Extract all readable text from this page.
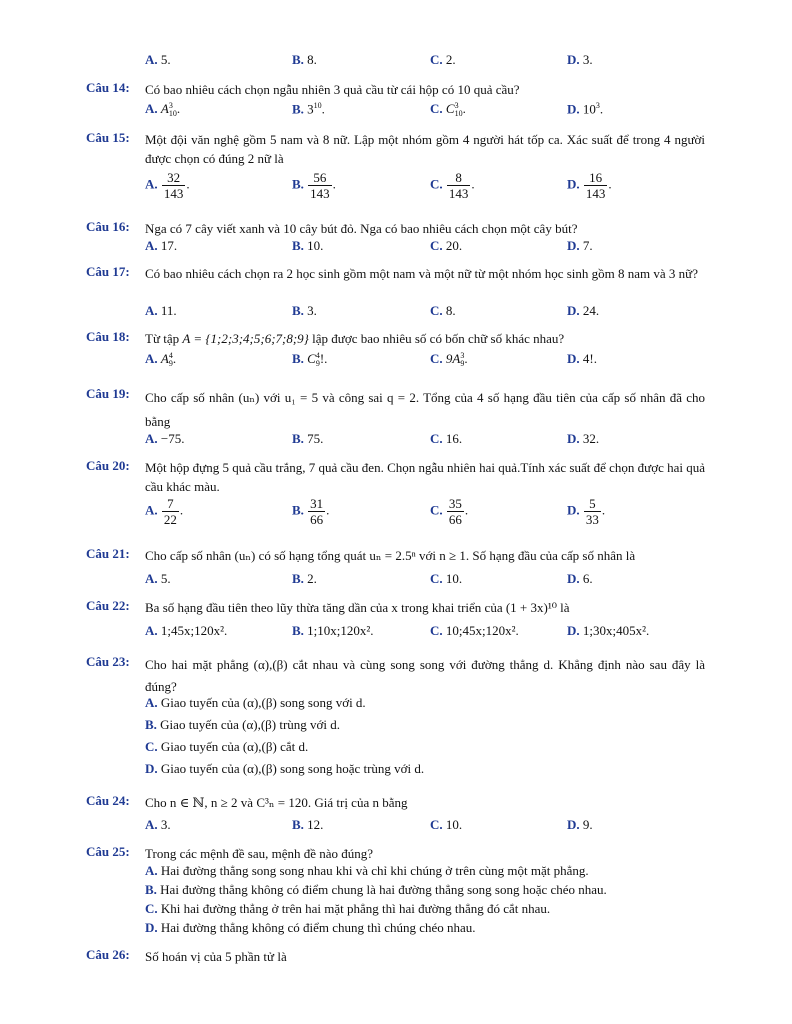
A. 5.	B. 8.	C. 2.	D. 3.
Câu 14: Có bao nhiêu cách chọn ngẫu nhiên 3 quả cầu từ cái hộp có 10 quả cầu?
A. A 3
10 .	B. $3^{10}$.	C. C 3
10 .	D. $10^3$.
Câu 15: Một đội văn nghệ gồm 5 nam và 8 nữ. Lập một nhóm gồm 4 người hát tốp ca. Xác suất để trong 4 người được chọn có đúng 2 nữ là
A. $\frac{32}{143}$ .	B. $\frac{56}{143}$ .	C. $\frac{8}{143}$ .	D. $\frac{16}{143}$ .
Câu 16: Nga có 7 cây viết xanh và 10 cây bút đỏ. Nga có bao nhiêu cách chọn một cây bút?
A. 17.	B. 10.	C. 20.	D. 7.
Câu 17: Có bao nhiêu cách chọn ra 2 học sinh gồm một nam và một nữ từ một nhóm học sinh gồm 8 nam và 3 nữ?
A. 11.	B. 3.	C. 8.	D. 24.
Câu 18: Từ tập A = {1;2;3;4;5;6;7;8;9} lập được bao nhiêu số có bốn chữ số khác nhau?
A. A 4
9 .	B. C 4
9 !.	C. 9A 3
9 .	D. 4!.
Câu 19: Cho cấp số nhân (uₙ) với u₁ = 5 và công sai q = 2. Tổng của 4 số hạng đầu tiên của cấp số nhân đã cho bằng
A. −75.	B. 75.	C. 16.	D. 32.
Câu 20: Một hộp đựng 5 quả cầu trắng, 7 quả cầu đen. Chọn ngẫu nhiên hai quả.Tính xác suất để chọn được hai quả cầu khác màu.
A. $\frac{7}{22}$ .	B. $\frac{31}{66}$ .	C. $\frac{35}{66}$ .	D. $\frac{5}{33}$ .
Câu 21: Cho cấp số nhân (uₙ) có số hạng tổng quát uₙ = 2.5ⁿ với n ≥ 1. Số hạng đầu của cấp số nhân là
A. 5.	B. 2.	C. 10.	D. 6.
Câu 22: Ba số hạng đầu tiên theo lũy thừa tăng dần của x trong khai triển của (1 + 3x)¹⁰ là
A. 1;45x;120x².	B. 1;10x;120x².	C. 10;45x;120x².	D. 1;30x;405x².
Câu 23: Cho hai mặt phẳng (α),(β) cắt nhau và cùng song song với đường thẳng d. Khẳng định nào sau đây là đúng?
A. Giao tuyến của (α),(β) song song với d.
B. Giao tuyến của (α),(β) trùng với d.
C. Giao tuyến của (α),(β) cắt d.
D. Giao tuyến của (α),(β) song song hoặc trùng với d.
Câu 24: Cho n ∈ ℕ, n ≥ 2 và C³ₙ = 120. Giá trị của n bằng
A. 3.	B. 12.	C. 10.	D. 9.
Câu 25: Trong các mệnh đề sau, mệnh đề nào đúng?
A. Hai đường thẳng song song nhau khi và chỉ khi chúng ở trên cùng một mặt phẳng.
B. Hai đường thẳng không có điểm chung là hai đường thẳng song song hoặc chéo nhau.
C. Khi hai đường thẳng ở trên hai mặt phẳng thì hai đường thẳng đó cắt nhau.
D. Hai đường thẳng không có điểm chung thì chúng chéo nhau.
Câu 26: Số hoán vị của 5 phần tử là
